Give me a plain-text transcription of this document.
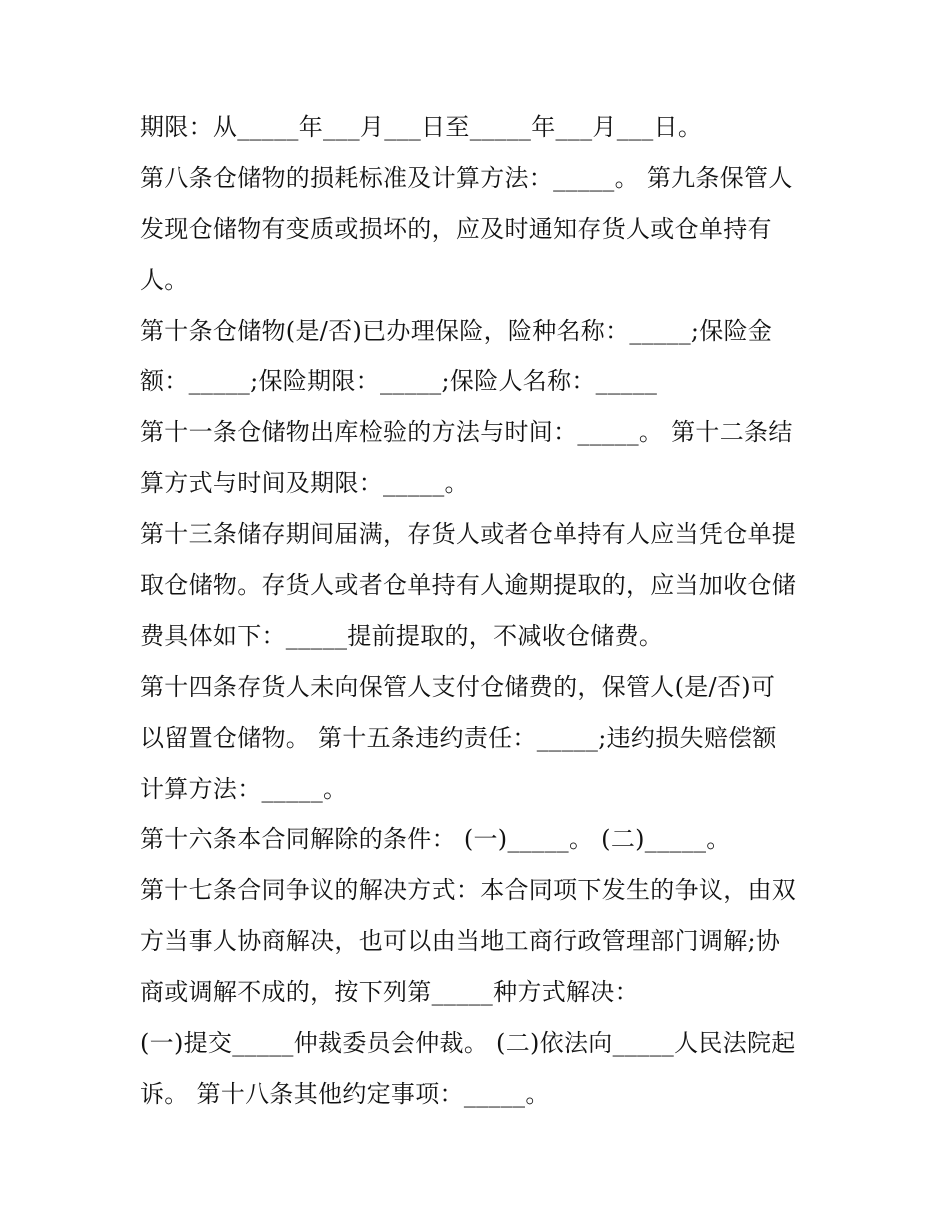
期限：从_____年___月___日至_____年___月___日。
第八条仓储物的损耗标准及计算方法：_____。 第九条保管人
发现仓储物有变质或损坏的，应及时通知存货人或仓单持有
人。
第十条仓储物(是/否)已办理保险，险种名称：_____;保险金
额：_____;保险期限：_____;保险人名称：_____
第十一条仓储物出库检验的方法与时间：_____。 第十二条结
算方式与时间及期限：_____。
第十三条储存期间届满，存货人或者仓单持有人应当凭仓单提
取仓储物。存货人或者仓单持有人逾期提取的，应当加收仓储
费具体如下：_____提前提取的，不减收仓储费。
第十四条存货人未向保管人支付仓储费的，保管人(是/否)可
以留置仓储物。 第十五条违约责任：_____;违约损失赔偿额
计算方法：_____。
第十六条本合同解除的条件： (一)_____。 (二)_____。
第十七条合同争议的解决方式：本合同项下发生的争议，由双
方当事人协商解决，也可以由当地工商行政管理部门调解;协
商或调解不成的，按下列第_____种方式解决：
(一)提交_____仲裁委员会仲裁。 (二)依法向_____人民法院起
诉。 第十八条其他约定事项：_____。
